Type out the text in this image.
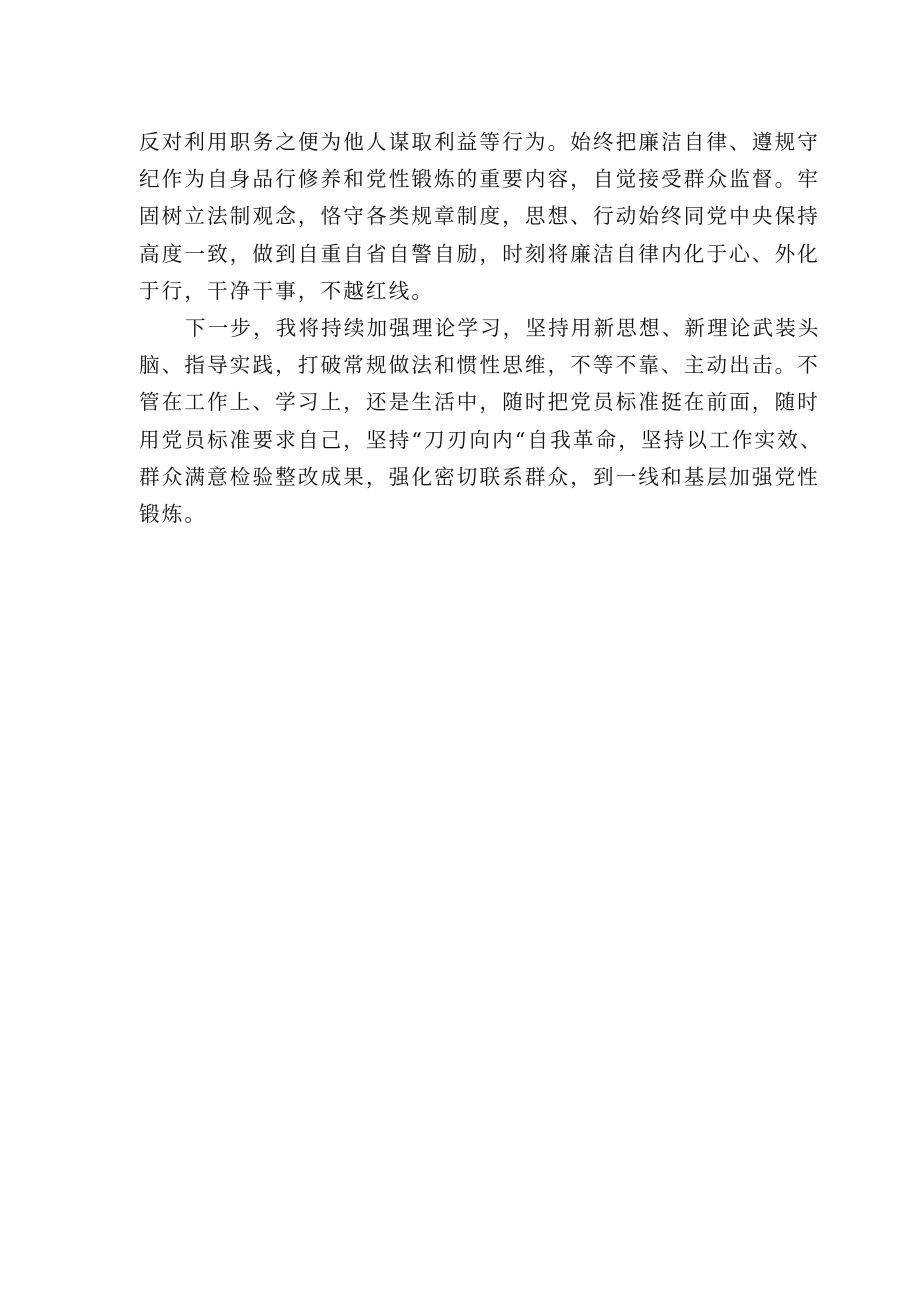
反对利用职务之便为他人谋取利益等行为。始终把廉洁自律、遵规守
纪作为自身品行修养和党性锻炼的重要内容，自觉接受群众监督。牢
固树立法制观念，恪守各类规章制度，思想、行动始终同党中央保持
高度一致，做到自重自省自警自励，时刻将廉洁自律内化于心、外化
于行，干净干事，不越红线。
下一步，我将持续加强理论学习，坚持用新思想、新理论武装头
脑、指导实践，打破常规做法和惯性思维，不等不靠、主动出击。不
管在工作上、学习上，还是生活中，随时把党员标准挺在前面，随时
用党员标准要求自己，坚持“刀刃向内“自我革命，坚持以工作实效、
群众满意检验整改成果，强化密切联系群众，到一线和基层加强党性
锻炼。
